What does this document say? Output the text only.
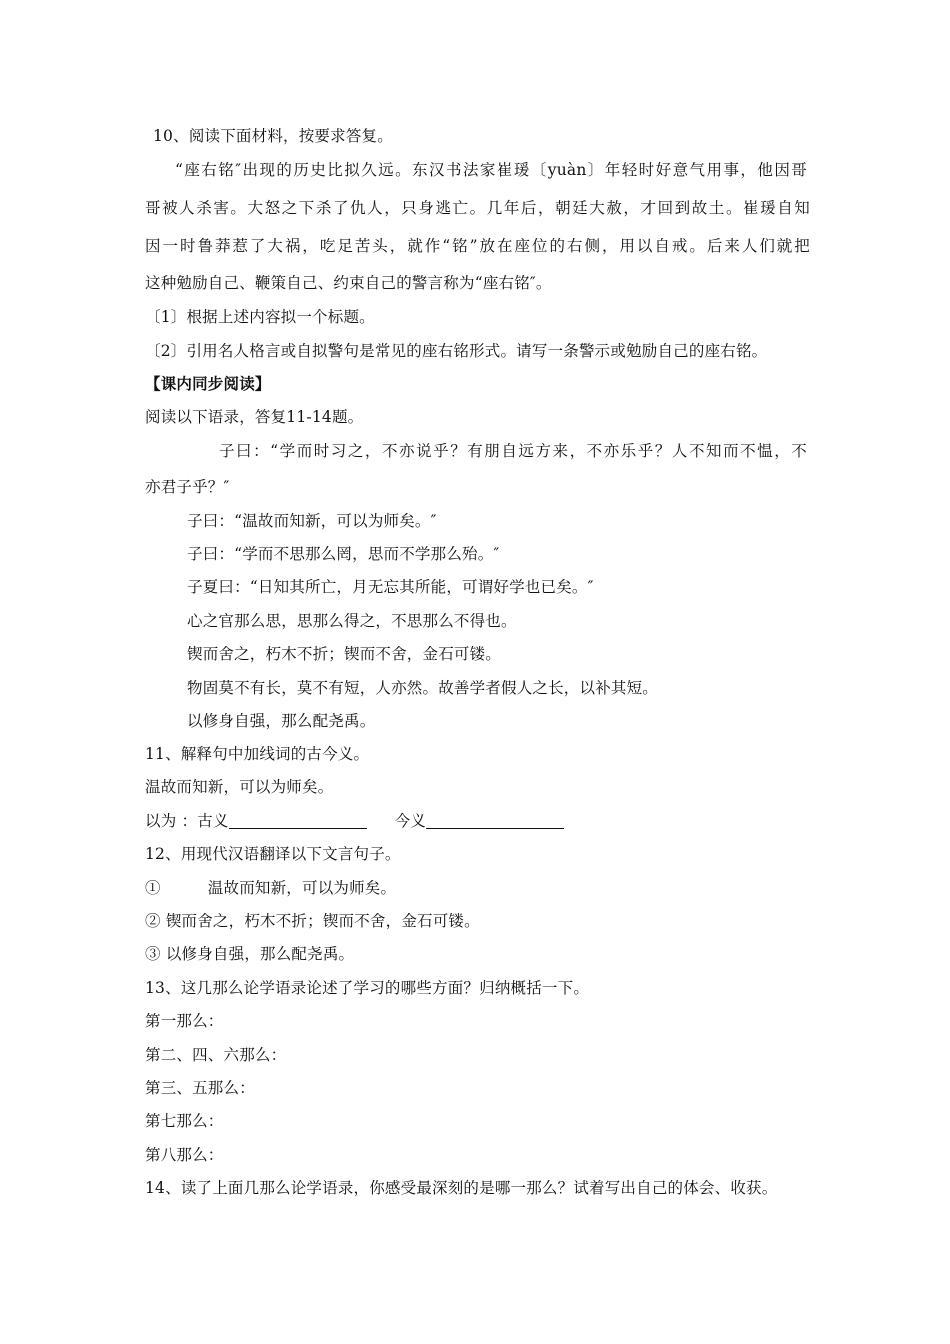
10、阅读下面材料，按要求答复。
“座右铭″出现的历史比拟久远。东汉书法家崔瑗〔yuàn〕年轻时好意气用事，他因哥
哥被人杀害。大怒之下杀了仇人，只身逃亡。几年后，朝廷大赦，才回到故土。崔瑗自知
因一时鲁莽惹了大祸，吃足苦头，就作“铭”放在座位的右侧，用以自戒。后来人们就把
这种勉励自己、鞭策自己、约束自己的警言称为“座右铭″。
〔1〕根据上述内容拟一个标题。
〔2〕引用名人格言或自拟警句是常见的座右铭形式。请写一条警示或勉励自己的座右铭。
【课内同步阅读】
阅读以下语录，答复11-14题。
子曰：“学而时习之，不亦说乎？有朋自远方来，不亦乐乎？人不知而不愠，不
亦君子乎？″
子曰：“温故而知新，可以为师矣。″
子曰：“学而不思那么罔，思而不学那么殆。″
子夏曰：“日知其所亡，月无忘其所能，可谓好学也已矣。″
心之官那么思，思那么得之，不思那么不得也。
锲而舍之，朽木不折；锲而不舍，金石可镂。
物固莫不有长，莫不有短，人亦然。故善学者假人之长，以补其短。
以修身自强，那么配尧禹。
11、解释句中加线词的古今义。
温故而知新，可以为师矣。
以为 ：古义	今义
12、用现代汉语翻译以下文言句子。
①　　　温故而知新，可以为师矣。
② 锲而舍之，朽木不折；锲而不舍，金石可镂。
③ 以修身自强，那么配尧禹。
13、这几那么论学语录论述了学习的哪些方面？归纳概括一下。
第一那么：
第二、四、六那么：
第三、五那么：
第七那么：
第八那么：
14、读了上面几那么论学语录，你感受最深刻的是哪一那么？试着写出自己的体会、收获。
